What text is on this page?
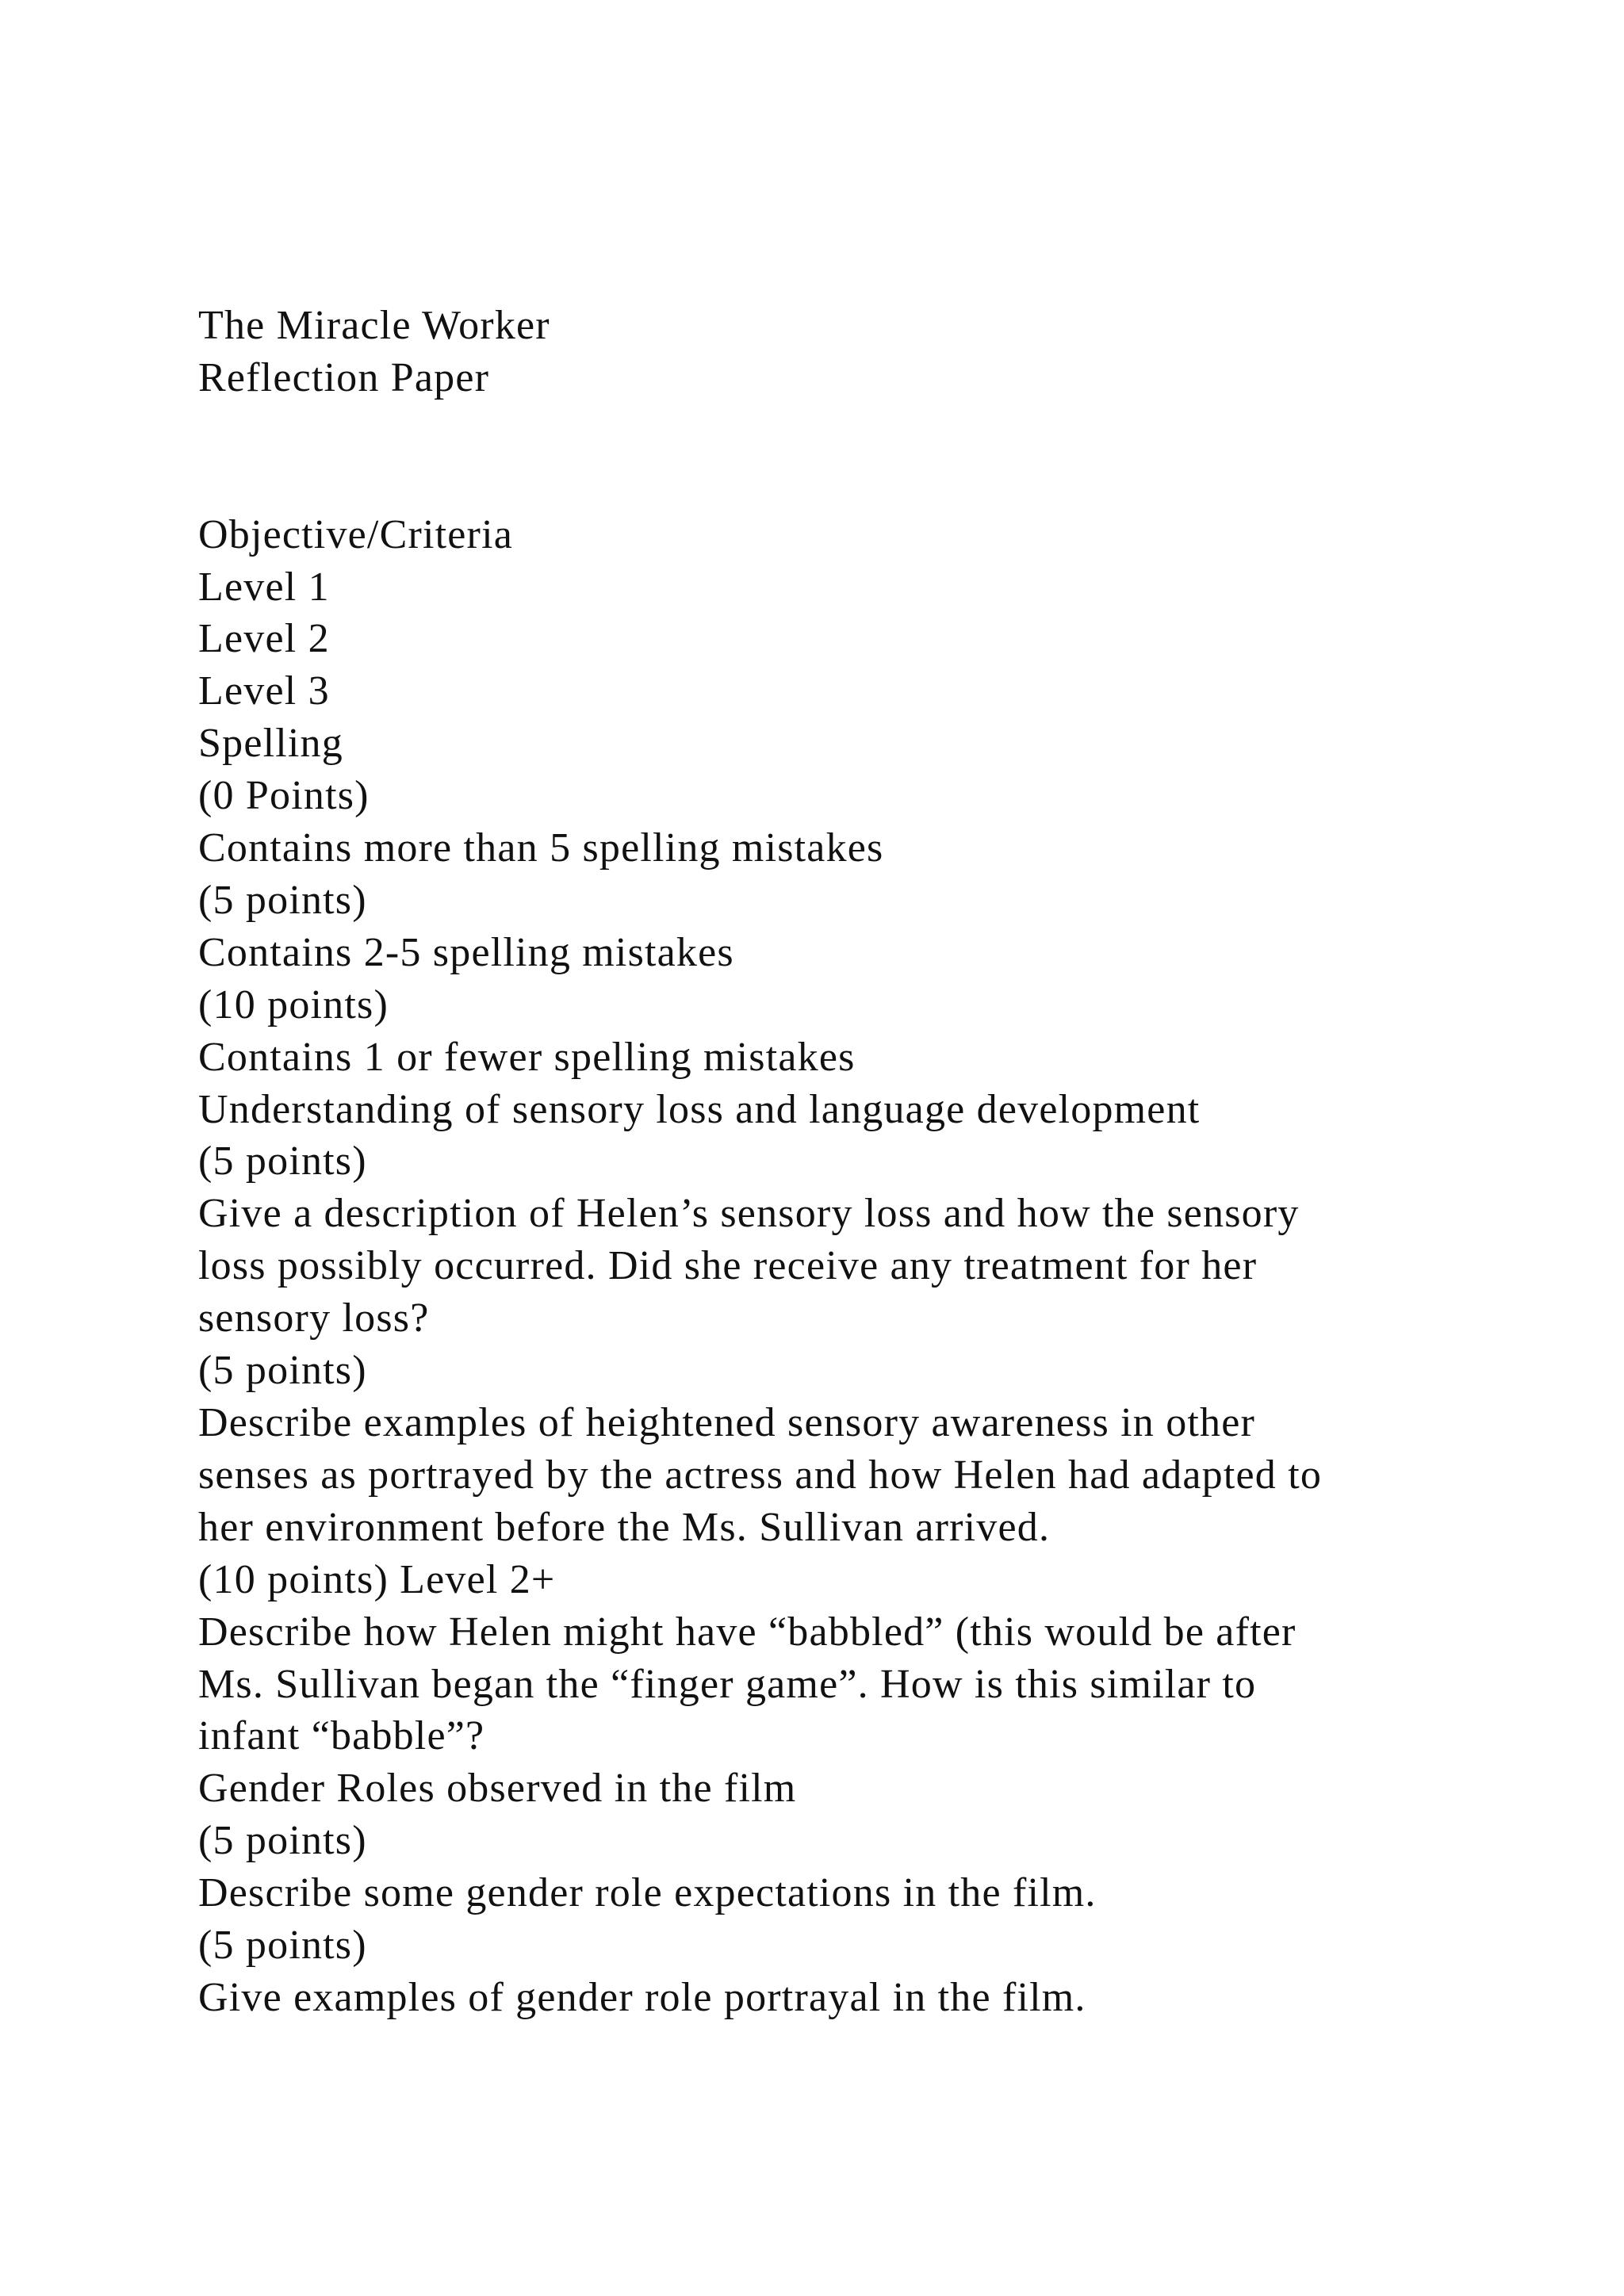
The Miracle Worker
Reflection Paper
Objective/Criteria
Level 1
Level 2
Level 3
Spelling
(0 Points)
Contains more than 5 spelling mistakes
(5 points)
Contains 2-5 spelling mistakes
(10 points)
Contains 1 or fewer spelling mistakes
Understanding of sensory loss and language development
(5 points)
Give a description of Helen’s sensory loss and how the sensory
loss possibly occurred. Did she receive any treatment for her
sensory loss?
(5 points)
Describe examples of heightened sensory awareness in other
senses as portrayed by the actress and how Helen had adapted to
her environment before the Ms. Sullivan arrived.
(10 points) Level 2+
Describe how Helen might have “babbled” (this would be after
Ms. Sullivan began the “finger game”. How is this similar to
infant “babble”?
Gender Roles observed in the film
(5 points)
Describe some gender role expectations in the film.
(5 points)
Give examples of gender role portrayal in the film.
